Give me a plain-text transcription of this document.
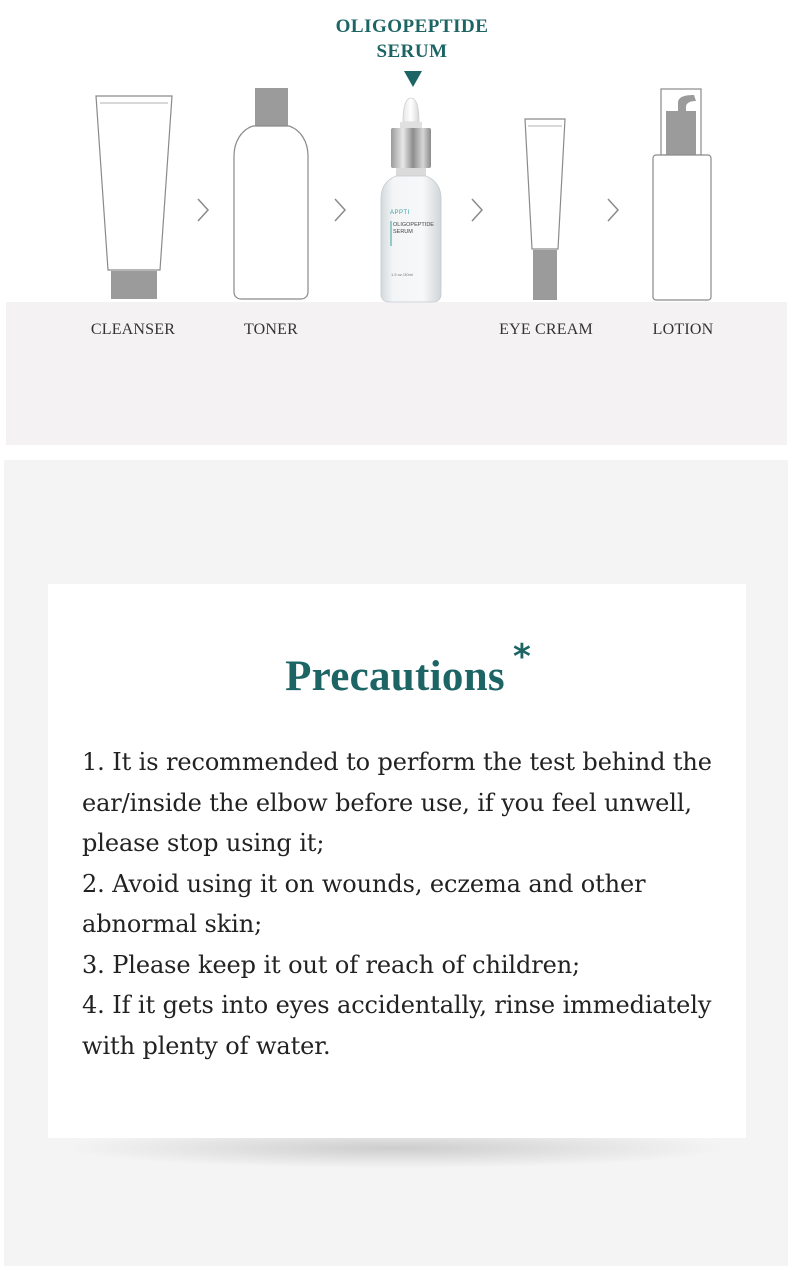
OLIGOPEPTIDE
SERUM
APPTI
OLIGOPEPTIDE
SERUM
1.5 oz./30ml
CLEANSER	TONER	EYE CREAM	LOTION
Precautions *
1. It is recommended to perform the test behind the ear/inside the elbow before use, if you feel unwell, please stop using it;
2. Avoid using it on wounds, eczema and other abnormal skin;
3. Please keep it out of reach of children;
4. If it gets into eyes accidentally, rinse immediately with plenty of water.
